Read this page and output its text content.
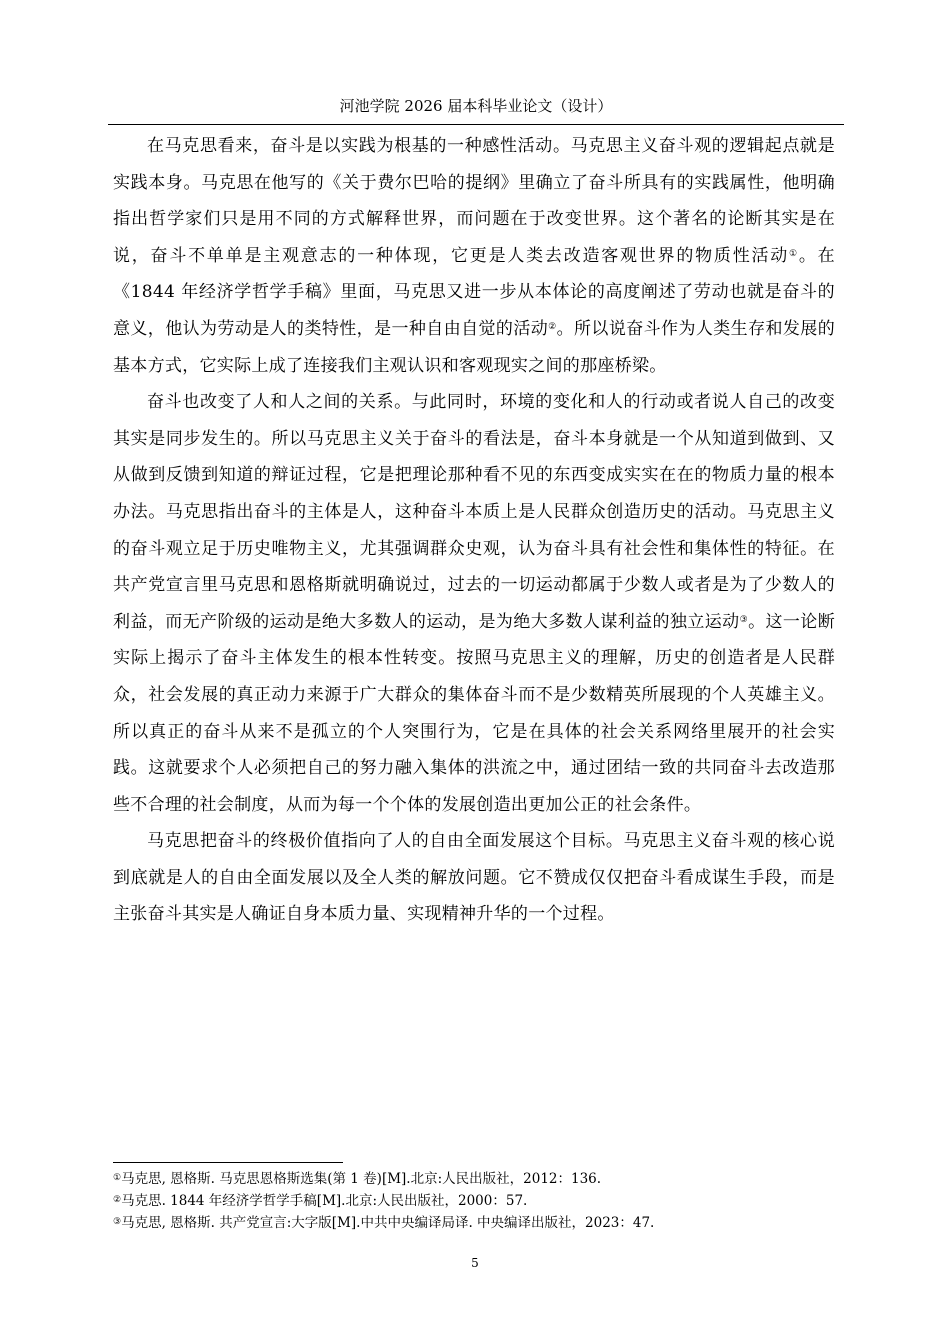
河池学院 2026 届本科毕业论文（设计）

在马克思看来，奋斗是以实践为根基的一种感性活动。马克思主义奋斗观的逻辑起点就是实践本身。马克思在他写的《关于费尔巴哈的提纲》里确立了奋斗所具有的实践属性，他明确指出哲学家们只是用不同的方式解释世界，而问题在于改变世界。这个著名的论断其实是在说，奋斗不单单是主观意志的一种体现，它更是人类去改造客观世界的物质性活动①。在《1844 年经济学哲学手稿》里面，马克思又进一步从本体论的高度阐述了劳动也就是奋斗的意义，他认为劳动是人的类特性，是一种自由自觉的活动②。所以说奋斗作为人类生存和发展的基本方式，它实际上成了连接我们主观认识和客观现实之间的那座桥梁。

奋斗也改变了人和人之间的关系。与此同时，环境的变化和人的行动或者说人自己的改变其实是同步发生的。所以马克思主义关于奋斗的看法是，奋斗本身就是一个从知道到做到、又从做到反馈到知道的辩证过程，它是把理论那种看不见的东西变成实实在在的物质力量的根本办法。马克思指出奋斗的主体是人，这种奋斗本质上是人民群众创造历史的活动。马克思主义的奋斗观立足于历史唯物主义，尤其强调群众史观，认为奋斗具有社会性和集体性的特征。在共产党宣言里马克思和恩格斯就明确说过，过去的一切运动都属于少数人或者是为了少数人的利益，而无产阶级的运动是绝大多数人的运动，是为绝大多数人谋利益的独立运动③。这一论断实际上揭示了奋斗主体发生的根本性转变。按照马克思主义的理解，历史的创造者是人民群众，社会发展的真正动力来源于广大群众的集体奋斗而不是少数精英所展现的个人英雄主义。所以真正的奋斗从来不是孤立的个人突围行为，它是在具体的社会关系网络里展开的社会实践。这就要求个人必须把自己的努力融入集体的洪流之中，通过团结一致的共同奋斗去改造那些不合理的社会制度，从而为每一个个体的发展创造出更加公正的社会条件。

马克思把奋斗的终极价值指向了人的自由全面发展这个目标。马克思主义奋斗观的核心说到底就是人的自由全面发展以及全人类的解放问题。它不赞成仅仅把奋斗看成谋生手段，而是主张奋斗其实是人确证自身本质力量、实现精神升华的一个过程。

①马克思, 恩格斯. 马克思恩格斯选集(第 1 卷)[M].北京:人民出版社，2012：136.

②马克思. 1844 年经济学哲学手稿[M].北京:人民出版社，2000：57.

③马克思, 恩格斯. 共产党宣言:大字版[M].中共中央编译局译. 中央编译出版社，2023：47.

5
